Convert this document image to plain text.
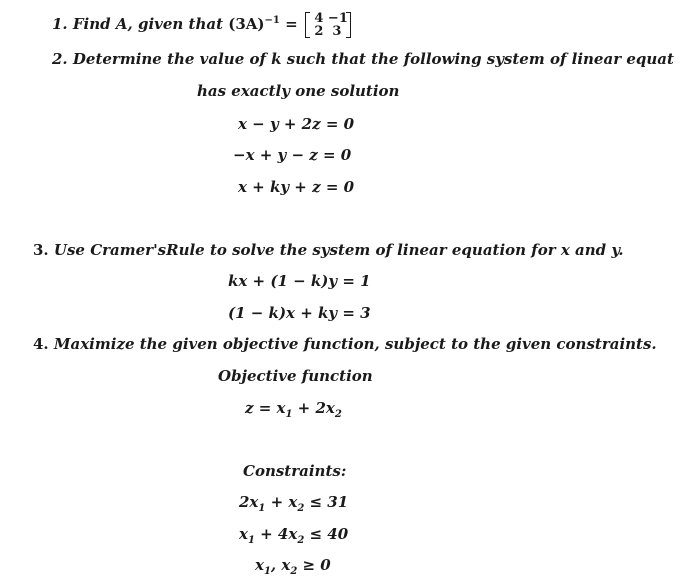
1. Find A, given that $(3A)^{-1}$ =	4 −1
2 3
2. Determine the value of k such that the following system of linear equat
has exactly one solution
x − y + 2z = 0
−x + y − z = 0
x + ky + z = 0
3. Use Cramer'sRule to solve the system of linear equation for x and y.
kx + (1 − k)y = 1
(1 − k)x + ky = 3
4. Maximize the given objective function, subject to the given constraints.
Objective function
$z = x_1 + 2x_2$
Constraints:
$2x_1 + x_2 \le 31$
$x_1 + 4x_2 \le 40$
$x_1$, $x_2 \ge 0$
